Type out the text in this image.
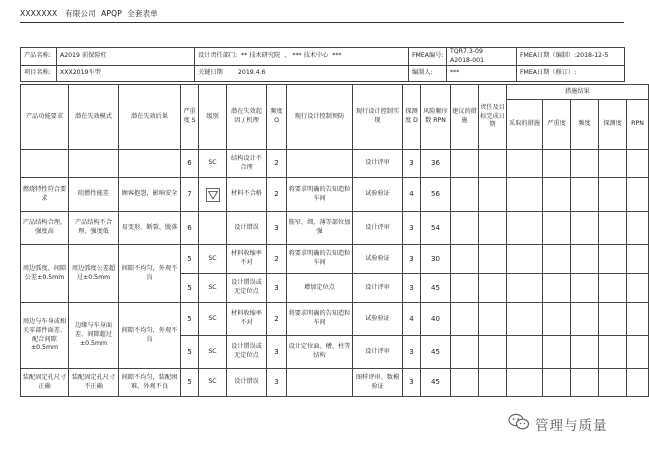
XXXXXXX 有限公司 APQP 全套表单
产品名称:	A2019 前保险杠	设计责任部门: ** 技术研究院 、 *** 技术中心 ***	FMEA编号:	TQR7.3-09
A2018-001	FMEA日期（编制）:2018-12-5
项目名称:	XXX2019车型	关键日期 2019.4.6	编制人:	***	FMEA日期（修订）:
产品功能要求	潜在失效模式	潜在失效后果	严重度 S	级别	潜在失效起因 / 机理	频度 O	现行设计控制预防	现行设计控制实现	探测度 D	风险顺序数 RPN	建议的措施	责任及目标完成日期	措施结果				
													采取的措施	严重度	频度	探测度	RPN
			6	SC	结构设计不合理	2		设计评审	3	36							
燃烧特性符合要求	阻燃性能差	顾客抱怨，影响安全	7		材料不合格	2	将要求明确的告知造粒车间	试验验证	4	56							
产品结构合理，强度高	产品结构不合理，强度低	易变形、断裂、脱落	6		设计错误	3	筋窄、细，薄等部位加强	设计评审	3	54							
周边弧度、间隙公差±0.5mm	周边弧度公差超过±0.5mm	间隙不均匀，外观不良	5	SC	材料收缩率不对	2	将要求明确的告知造粒车间	试验验证	3	30							
			5	SC	设计错误或无定位点	3	增加定位点	设计评审	3	45							
周边与车身或相关零部件面差、配合间隙±0.5mm	边缘与车身面差、间隙超过±0.5mm	间隙不均匀，外观不良	5	SC	材料收缩率不对	2	将要求明确的告知造粒车间	试验验证	4	40							
			5	SC	设计错误或无定位点	3	设计定位面、槽、柱等结构	设计评审	3	45							
装配固定孔尺寸正确	装配固定孔尺寸不正确	间隙不均匀，装配困难，外观不良	5	SC	设计错误	3		图样评审、数模验证	3	45							
管理与质量
